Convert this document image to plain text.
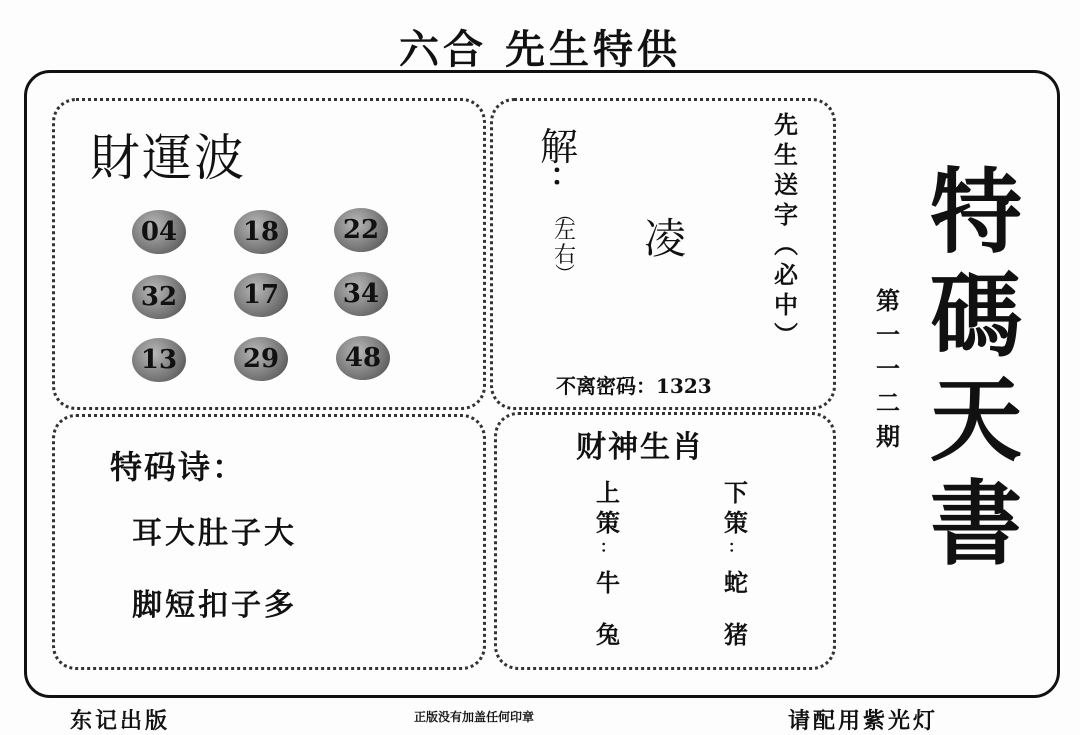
六合 先生特供
財運波
04	18	22
32	17	34
13	29	48
解
：
︵
左
右
︶
凌
先
生
送
字
︵
必
中
︶
不离密码：1323
第
一
一
二
期
特
碼
天
書
特码诗：
耳大肚子大
脚短扣子多
财神生肖
上
策
：
牛
兔
下
策
：
蛇
猪
东记出版	正版没有加盖任何印章	请配用紫光灯
